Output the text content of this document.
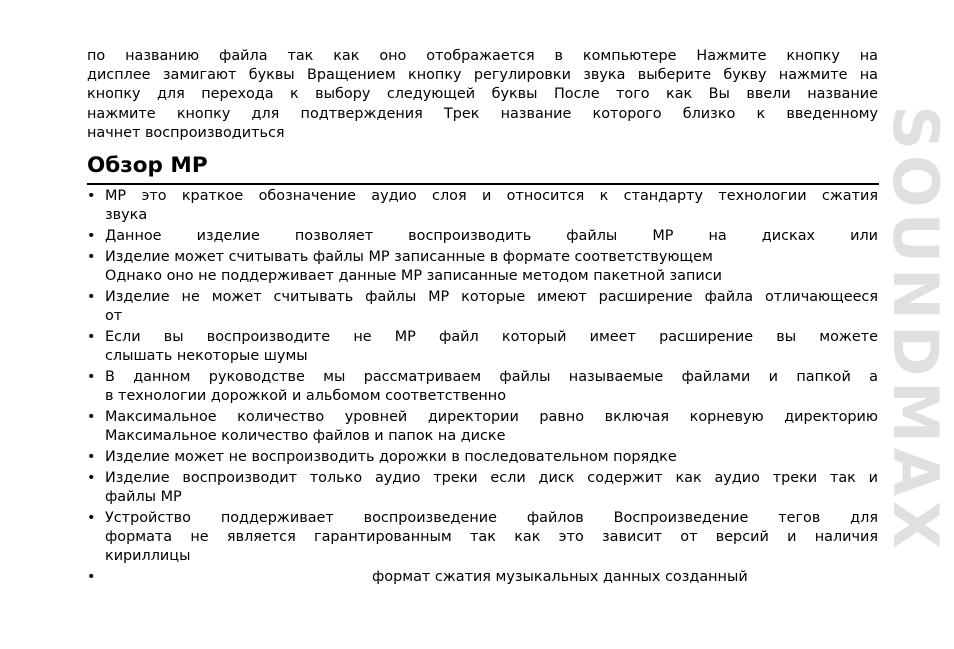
по названию файла так как оно отображается в компьютере Нажмите кнопку на
дисплее замигают буквы Вращением кнопку регулировки звука выберите букву нажмите на
кнопку для перехода к выбору следующей буквы После того как Вы ввели название
нажмите кнопку для подтверждения Трек название которого близко к введенному
начнет воспроизводиться
Обзор MP
• MP это краткое обозначение аудио слоя и относится к стандарту технологии сжатия
звука
• Данное изделие позволяет воспроизводить файлы MP на дисках или
• Изделие может считывать файлы MP записанные в формате соответствующем
Однако оно не поддерживает данные MP записанные методом пакетной записи
• Изделие не может считывать файлы MP которые имеют расширение файла отличающееся
от
• Если вы воспроизводите не MP файл который имеет расширение вы можете
слышать некоторые шумы
• В данном руководстве мы рассматриваем файлы называемые файлами и папкой а
в технологии дорожкой и альбомом соответственно
• Максимальное количество уровней директории равно включая корневую директорию
Максимальное количество файлов и папок на диске
• Изделие может не воспроизводить дорожки в последовательном порядке
• Изделие воспроизводит только аудио треки если диск содержит как аудио треки так и
файлы MP
• Устройство поддерживает воспроизведение файлов Воспроизведение тегов для
формата не является гарантированным так как это зависит от версий и наличия
кириллицы
•	формат сжатия музыкальных данных созданный
SOUNDMAX
